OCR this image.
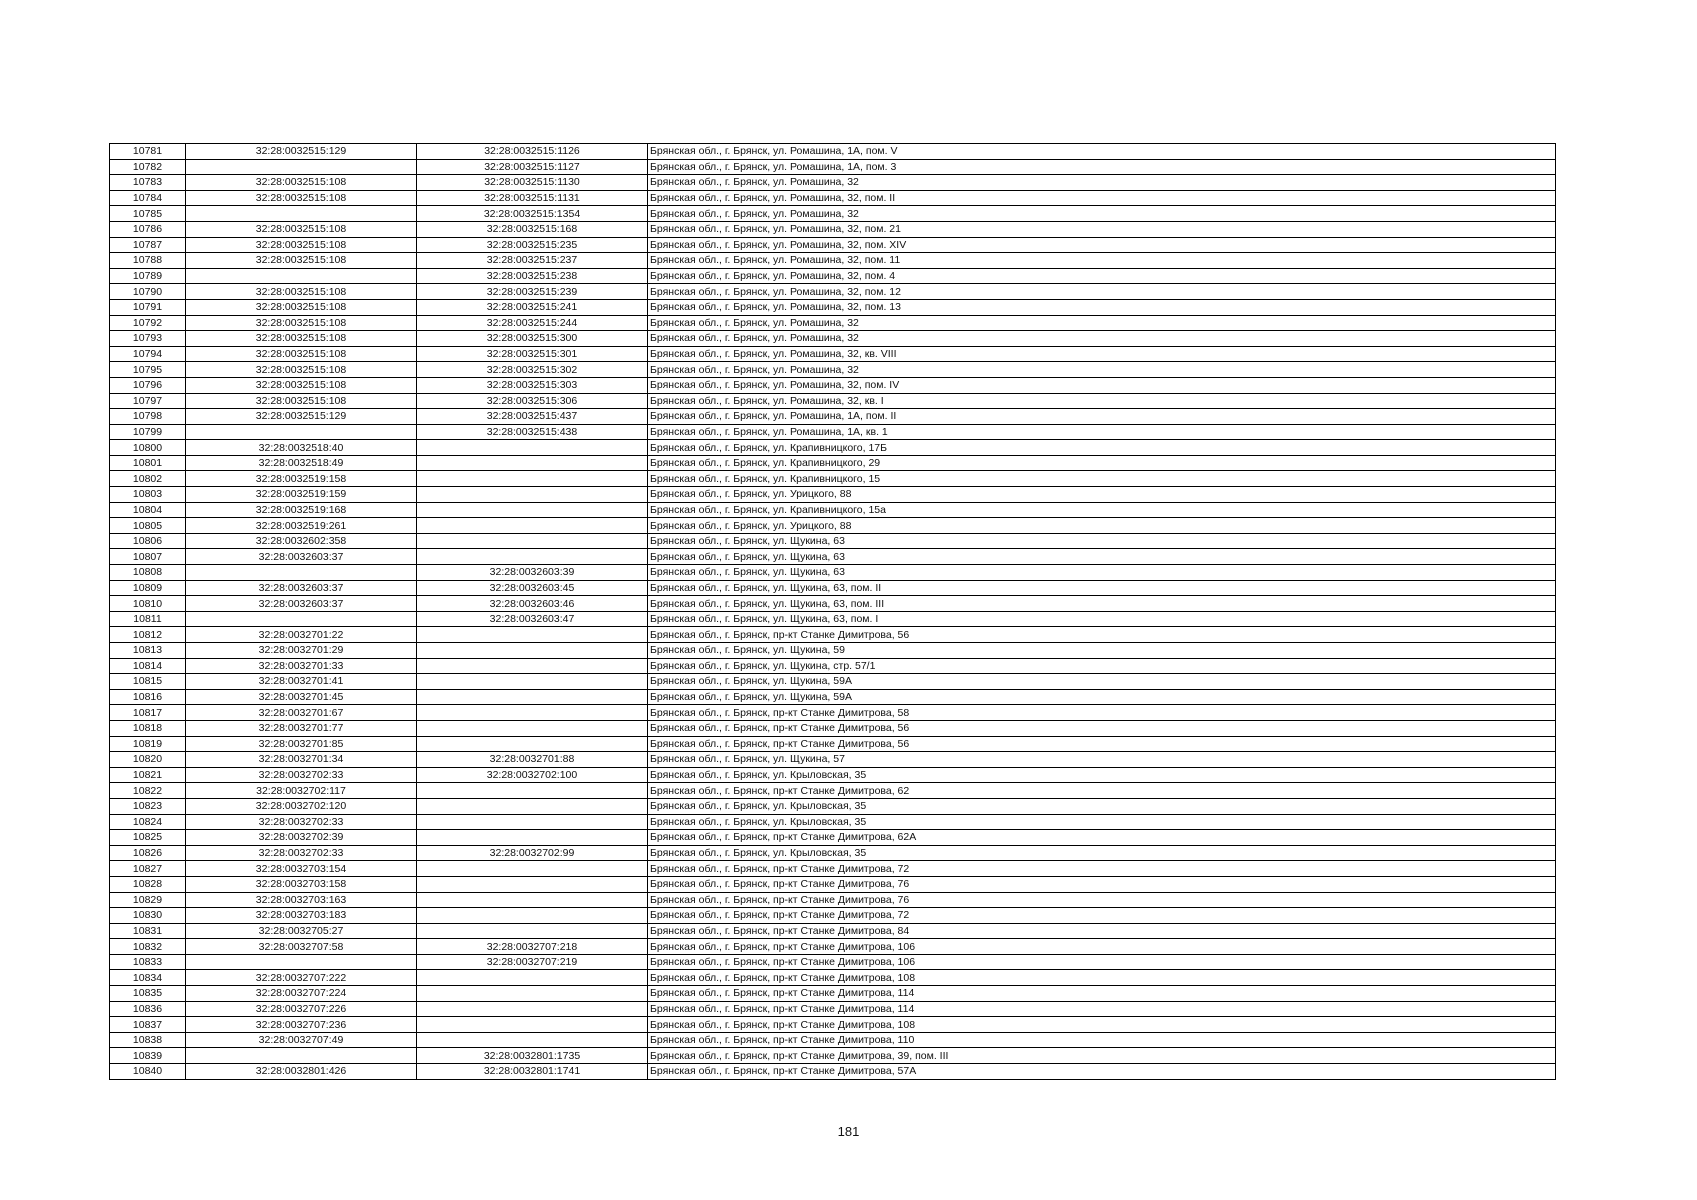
10781	32:28:0032515:129	32:28:0032515:1126	Брянская обл., г. Брянск, ул. Ромашина, 1А, пом. V
10782		32:28:0032515:1127	Брянская обл., г. Брянск, ул. Ромашина, 1А, пом. 3
10783	32:28:0032515:108	32:28:0032515:1130	Брянская обл., г. Брянск, ул. Ромашина, 32
10784	32:28:0032515:108	32:28:0032515:1131	Брянская обл., г. Брянск, ул. Ромашина, 32, пом. II
10785		32:28:0032515:1354	Брянская обл., г. Брянск, ул. Ромашина, 32
10786	32:28:0032515:108	32:28:0032515:168	Брянская обл., г. Брянск, ул. Ромашина, 32, пом. 21
10787	32:28:0032515:108	32:28:0032515:235	Брянская обл., г. Брянск, ул. Ромашина, 32, пом. XIV
10788	32:28:0032515:108	32:28:0032515:237	Брянская обл., г. Брянск, ул. Ромашина, 32, пом. 11
10789		32:28:0032515:238	Брянская обл., г. Брянск, ул. Ромашина, 32, пом. 4
10790	32:28:0032515:108	32:28:0032515:239	Брянская обл., г. Брянск, ул. Ромашина, 32, пом. 12
10791	32:28:0032515:108	32:28:0032515:241	Брянская обл., г. Брянск, ул. Ромашина, 32, пом. 13
10792	32:28:0032515:108	32:28:0032515:244	Брянская обл., г. Брянск, ул. Ромашина, 32
10793	32:28:0032515:108	32:28:0032515:300	Брянская обл., г. Брянск, ул. Ромашина, 32
10794	32:28:0032515:108	32:28:0032515:301	Брянская обл., г. Брянск, ул. Ромашина, 32, кв. VIII
10795	32:28:0032515:108	32:28:0032515:302	Брянская обл., г. Брянск, ул. Ромашина, 32
10796	32:28:0032515:108	32:28:0032515:303	Брянская обл., г. Брянск, ул. Ромашина, 32, пом. IV
10797	32:28:0032515:108	32:28:0032515:306	Брянская обл., г. Брянск, ул. Ромашина, 32, кв. I
10798	32:28:0032515:129	32:28:0032515:437	Брянская обл., г. Брянск, ул. Ромашина, 1А, пом. II
10799		32:28:0032515:438	Брянская обл., г. Брянск, ул. Ромашина, 1А, кв. 1
10800	32:28:0032518:40		Брянская обл., г. Брянск, ул. Крапивницкого, 17Б
10801	32:28:0032518:49		Брянская обл., г. Брянск, ул. Крапивницкого, 29
10802	32:28:0032519:158		Брянская обл., г. Брянск, ул. Крапивницкого, 15
10803	32:28:0032519:159		Брянская обл., г. Брянск, ул. Урицкого, 88
10804	32:28:0032519:168		Брянская обл., г. Брянск, ул. Крапивницкого, 15а
10805	32:28:0032519:261		Брянская обл., г. Брянск, ул. Урицкого, 88
10806	32:28:0032602:358		Брянская обл., г. Брянск, ул. Щукина, 63
10807	32:28:0032603:37		Брянская обл., г. Брянск, ул. Щукина, 63
10808		32:28:0032603:39	Брянская обл., г. Брянск, ул. Щукина, 63
10809	32:28:0032603:37	32:28:0032603:45	Брянская обл., г. Брянск, ул. Щукина, 63, пом. II
10810	32:28:0032603:37	32:28:0032603:46	Брянская обл., г. Брянск, ул. Щукина, 63, пом. III
10811		32:28:0032603:47	Брянская обл., г. Брянск, ул. Щукина, 63, пом. I
10812	32:28:0032701:22		Брянская обл., г. Брянск, пр-кт Станке Димитрова, 56
10813	32:28:0032701:29		Брянская обл., г. Брянск, ул. Щукина, 59
10814	32:28:0032701:33		Брянская обл., г. Брянск, ул. Щукина, стр. 57/1
10815	32:28:0032701:41		Брянская обл., г. Брянск, ул. Щукина, 59А
10816	32:28:0032701:45		Брянская обл., г. Брянск, ул. Щукина, 59А
10817	32:28:0032701:67		Брянская обл., г. Брянск, пр-кт Станке Димитрова, 58
10818	32:28:0032701:77		Брянская обл., г. Брянск, пр-кт Станке Димитрова, 56
10819	32:28:0032701:85		Брянская обл., г. Брянск, пр-кт Станке Димитрова, 56
10820	32:28:0032701:34	32:28:0032701:88	Брянская обл., г. Брянск, ул. Щукина, 57
10821	32:28:0032702:33	32:28:0032702:100	Брянская обл., г. Брянск, ул. Крыловская, 35
10822	32:28:0032702:117		Брянская обл., г. Брянск, пр-кт Станке Димитрова, 62
10823	32:28:0032702:120		Брянская обл., г. Брянск, ул. Крыловская, 35
10824	32:28:0032702:33		Брянская обл., г. Брянск, ул. Крыловская, 35
10825	32:28:0032702:39		Брянская обл., г. Брянск, пр-кт Станке Димитрова, 62А
10826	32:28:0032702:33	32:28:0032702:99	Брянская обл., г. Брянск, ул. Крыловская, 35
10827	32:28:0032703:154		Брянская обл., г. Брянск, пр-кт Станке Димитрова, 72
10828	32:28:0032703:158		Брянская обл., г. Брянск, пр-кт Станке Димитрова, 76
10829	32:28:0032703:163		Брянская обл., г. Брянск, пр-кт Станке Димитрова, 76
10830	32:28:0032703:183		Брянская обл., г. Брянск, пр-кт Станке Димитрова, 72
10831	32:28:0032705:27		Брянская обл., г. Брянск, пр-кт Станке Димитрова, 84
10832	32:28:0032707:58	32:28:0032707:218	Брянская обл., г. Брянск, пр-кт Станке Димитрова, 106
10833		32:28:0032707:219	Брянская обл., г. Брянск, пр-кт Станке Димитрова, 106
10834	32:28:0032707:222		Брянская обл., г. Брянск, пр-кт Станке Димитрова, 108
10835	32:28:0032707:224		Брянская обл., г. Брянск, пр-кт Станке Димитрова, 114
10836	32:28:0032707:226		Брянская обл., г. Брянск, пр-кт Станке Димитрова, 114
10837	32:28:0032707:236		Брянская обл., г. Брянск, пр-кт Станке Димитрова, 108
10838	32:28:0032707:49		Брянская обл., г. Брянск, пр-кт Станке Димитрова, 110
10839		32:28:0032801:1735	Брянская обл., г. Брянск, пр-кт Станке Димитрова, 39, пом. III
10840	32:28:0032801:426	32:28:0032801:1741	Брянская обл., г. Брянск, пр-кт Станке Димитрова, 57А
181
